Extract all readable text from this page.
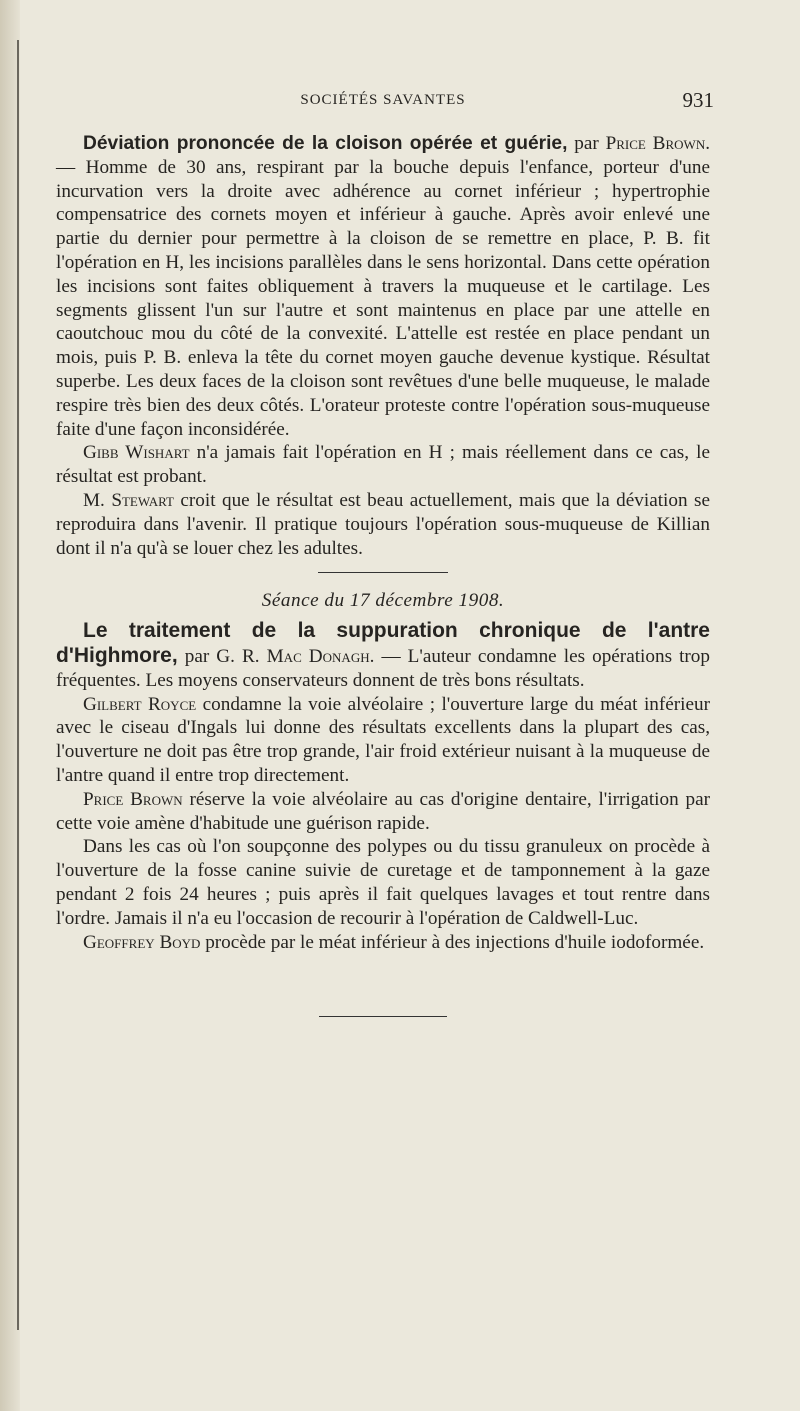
SOCIÉTÉS SAVANTES	931

Déviation prononcée de la cloison opérée et guérie, par Price Brown. — Homme de 30 ans, respirant par la bouche depuis l'enfance, porteur d'une incurvation vers la droite avec adhérence au cornet inférieur ; hypertrophie compensatrice des cornets moyen et inférieur à gauche. Après avoir enlevé une partie du dernier pour permettre à la cloison de se remettre en place, P. B. fit l'opération en H, les incisions parallèles dans le sens horizontal. Dans cette opération les incisions sont faites obliquement à travers la muqueuse et le cartilage. Les segments glissent l'un sur l'autre et sont maintenus en place par une attelle en caoutchouc mou du côté de la convexité. L'attelle est restée en place pendant un mois, puis P. B. enleva la tête du cornet moyen gauche devenue kystique. Résultat superbe. Les deux faces de la cloison sont revêtues d'une belle muqueuse, le malade respire très bien des deux côtés. L'orateur proteste contre l'opération sous-muqueuse faite d'une façon inconsidérée.

Gibb Wishart n'a jamais fait l'opération en H ; mais réellement dans ce cas, le résultat est probant.

M. Stewart croit que le résultat est beau actuellement, mais que la déviation se reproduira dans l'avenir. Il pratique toujours l'opération sous-muqueuse de Killian dont il n'a qu'à se louer chez les adultes.

Séance du 17 décembre 1908.

Le traitement de la suppuration chronique de l'antre d'Highmore, par G. R. Mac Donagh. — L'auteur condamne les opérations trop fréquentes. Les moyens conservateurs donnent de très bons résultats.

Gilbert Royce condamne la voie alvéolaire ; l'ouverture large du méat inférieur avec le ciseau d'Ingals lui donne des résultats excellents dans la plupart des cas, l'ouverture ne doit pas être trop grande, l'air froid extérieur nuisant à la muqueuse de l'antre quand il entre trop directement.

Price Brown réserve la voie alvéolaire au cas d'origine dentaire, l'irrigation par cette voie amène d'habitude une guérison rapide.

Dans les cas où l'on soupçonne des polypes ou du tissu granuleux on procède à l'ouverture de la fosse canine suivie de curetage et de tamponnement à la gaze pendant 2 fois 24 heures ; puis après il fait quelques lavages et tout rentre dans l'ordre. Jamais il n'a eu l'occasion de recourir à l'opération de Caldwell-Luc.

Geoffrey Boyd procède par le méat inférieur à des injections d'huile iodoformée.
